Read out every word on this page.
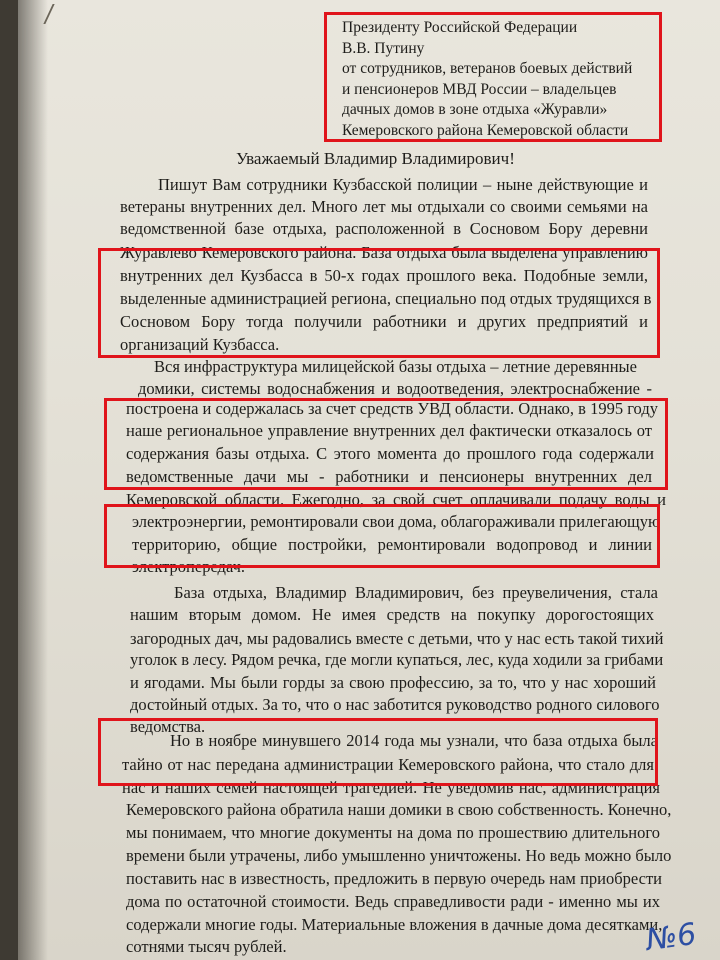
Президенту Российской Федерации
В.В. Путину
от сотрудников, ветеранов боевых действий
и пенсионеров МВД России – владельцев
дачных домов в зоне отдыха «Журавли»
Кемеровского района Кемеровской области
Уважаемый Владимир Владимирович!
Пишут Вам сотрудники Кузбасской полиции – ныне действующие и
ветераны внутренних дел. Много лет мы отдыхали со своими семьями на
ведомственной базе отдыха, расположенной в Сосновом Бору деревни
Журавлево Кемеровского района. База отдыха была выделена управлению
внутренних дел Кузбасса в 50-х годах прошлого века. Подобные земли,
выделенные администрацией региона, специально под отдых трудящихся в
Сосновом Бору тогда получили работники и других предприятий и
организаций Кузбасса.
Вся инфраструктура милицейской базы отдыха – летние деревянные
домики, системы водоснабжения и водоотведения, электроснабжение -
построена и содержалась за счет средств УВД области. Однако, в 1995 году
наше региональное управление внутренних дел фактически отказалось от
содержания базы отдыха. С этого момента до прошлого года содержали
ведомственные дачи мы - работники и пенсионеры внутренних дел
Кемеровской области. Ежегодно, за свой счет оплачивали подачу воды и
электроэнергии, ремонтировали свои дома, облагораживали прилегающую
территорию, общие постройки, ремонтировали водопровод и линии
электропередач.
База отдыха, Владимир Владимирович, без преувеличения, стала
нашим вторым домом. Не имея средств на покупку дорогостоящих
загородных дач, мы радовались вместе с детьми, что у нас есть такой тихий
уголок в лесу. Рядом речка, где могли купаться, лес, куда ходили за грибами
и ягодами. Мы были горды за свою профессию, за то, что у нас хороший
достойный отдых. За то, что о нас заботится руководство родного силового
ведомства.
Но в ноябре минувшего 2014 года мы узнали, что база отдыха была
тайно от нас передана администрации Кемеровского района, что стало для
нас и наших семей настоящей трагедией. Не уведомив нас, администрация
Кемеровского района обратила наши домики в свою собственность. Конечно,
мы понимаем, что многие документы на дома по прошествию длительного
времени были утрачены, либо умышленно уничтожены. Но ведь можно было
поставить нас в известность, предложить в первую очередь нам приобрести
дома по остаточной стоимости. Ведь справедливости ради - именно мы их
содержали многие годы. Материальные вложения в дачные дома десятками,
сотнями тысяч рублей.	№6
